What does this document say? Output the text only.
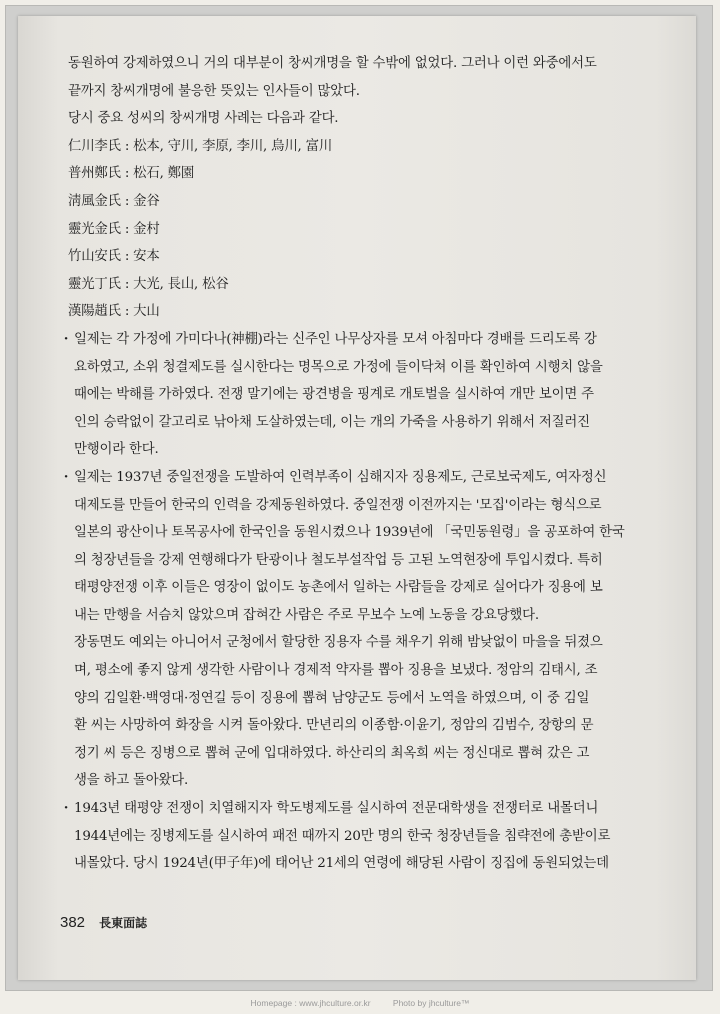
동원하여 강제하였으니 거의 대부분이 창씨개명을 할 수밖에 없었다. 그러나 이런 와중에서도
끝까지 창씨개명에 불응한 뜻있는 인사들이 많았다.
당시 중요 성씨의 창씨개명 사례는 다음과 같다.
仁川李氏 : 松本, 守川, 李原, 李川, 烏川, 富川
普州鄭氏 : 松石, 鄭園
淸風金氏 : 金谷
靈光金氏 : 金村
竹山安氏 : 安本
靈光丁氏 : 大光, 長山, 松谷
漢陽趙氏 : 大山
· 일제는 각 가정에 가미다나(神棚)라는 신주인 나무상자를 모셔 아침마다 경배를 드리도록 강
요하였고, 소위 청결제도를 실시한다는 명목으로 가정에 들이닥쳐 이를 확인하여 시행치 않을
때에는 박해를 가하였다. 전쟁 말기에는 광견병을 핑계로 개토벌을 실시하여 개만 보이면 주
인의 승락없이 갈고리로 낚아채 도살하였는데, 이는 개의 가죽을 사용하기 위해서 저질러진
만행이라 한다.
· 일제는 1937년 중일전쟁을 도발하여 인력부족이 심해지자 징용제도, 근로보국제도, 여자정신
대제도를 만들어 한국의 인력을 강제동원하였다. 중일전쟁 이전까지는 '모집'이라는 형식으로
일본의 광산이나 토목공사에 한국인을 동원시켰으나 1939년에 「국민동원령」을 공포하여 한국
의 청장년들을 강제 연행해다가 탄광이나 철도부설작업 등 고된 노역현장에 투입시켰다. 특히
태평양전쟁 이후 이들은 영장이 없이도 농촌에서 일하는 사람들을 강제로 실어다가 징용에 보
내는 만행을 서슴치 않았으며 잡혀간 사람은 주로 무보수 노예 노동을 강요당했다.
장동면도 예외는 아니어서 군청에서 할당한 징용자 수를 채우기 위해 밤낮없이 마을을 뒤졌으
며, 평소에 좋지 않게 생각한 사람이나 경제적 약자를 뽑아 징용을 보냈다. 정암의 김태시, 조
양의 김일환·백영대·정연길 등이 징용에 뽑혀 남양군도 등에서 노역을 하였으며, 이 중 김일
환 씨는 사망하여 화장을 시켜 돌아왔다. 만년리의 이종함·이윤기, 정암의 김범수, 장항의 문
정기 씨 등은 징병으로 뽑혀 군에 입대하였다. 하산리의 최옥희 씨는 정신대로 뽑혀 갔은 고
생을 하고 돌아왔다.
· 1943년 태평양 전쟁이 치열해지자 학도병제도를 실시하여 전문대학생을 전쟁터로 내몰더니
1944년에는 징병제도를 실시하여 패전 때까지 20만 명의 한국 청장년들을 침략전에 총받이로
내몰았다. 당시 1924년(甲子年)에 태어난 21세의 연령에 해당된 사람이 징집에 동원되었는데
382 長東面誌
Homepage : www.jhculture.or.kr	Photo by jhculture™
